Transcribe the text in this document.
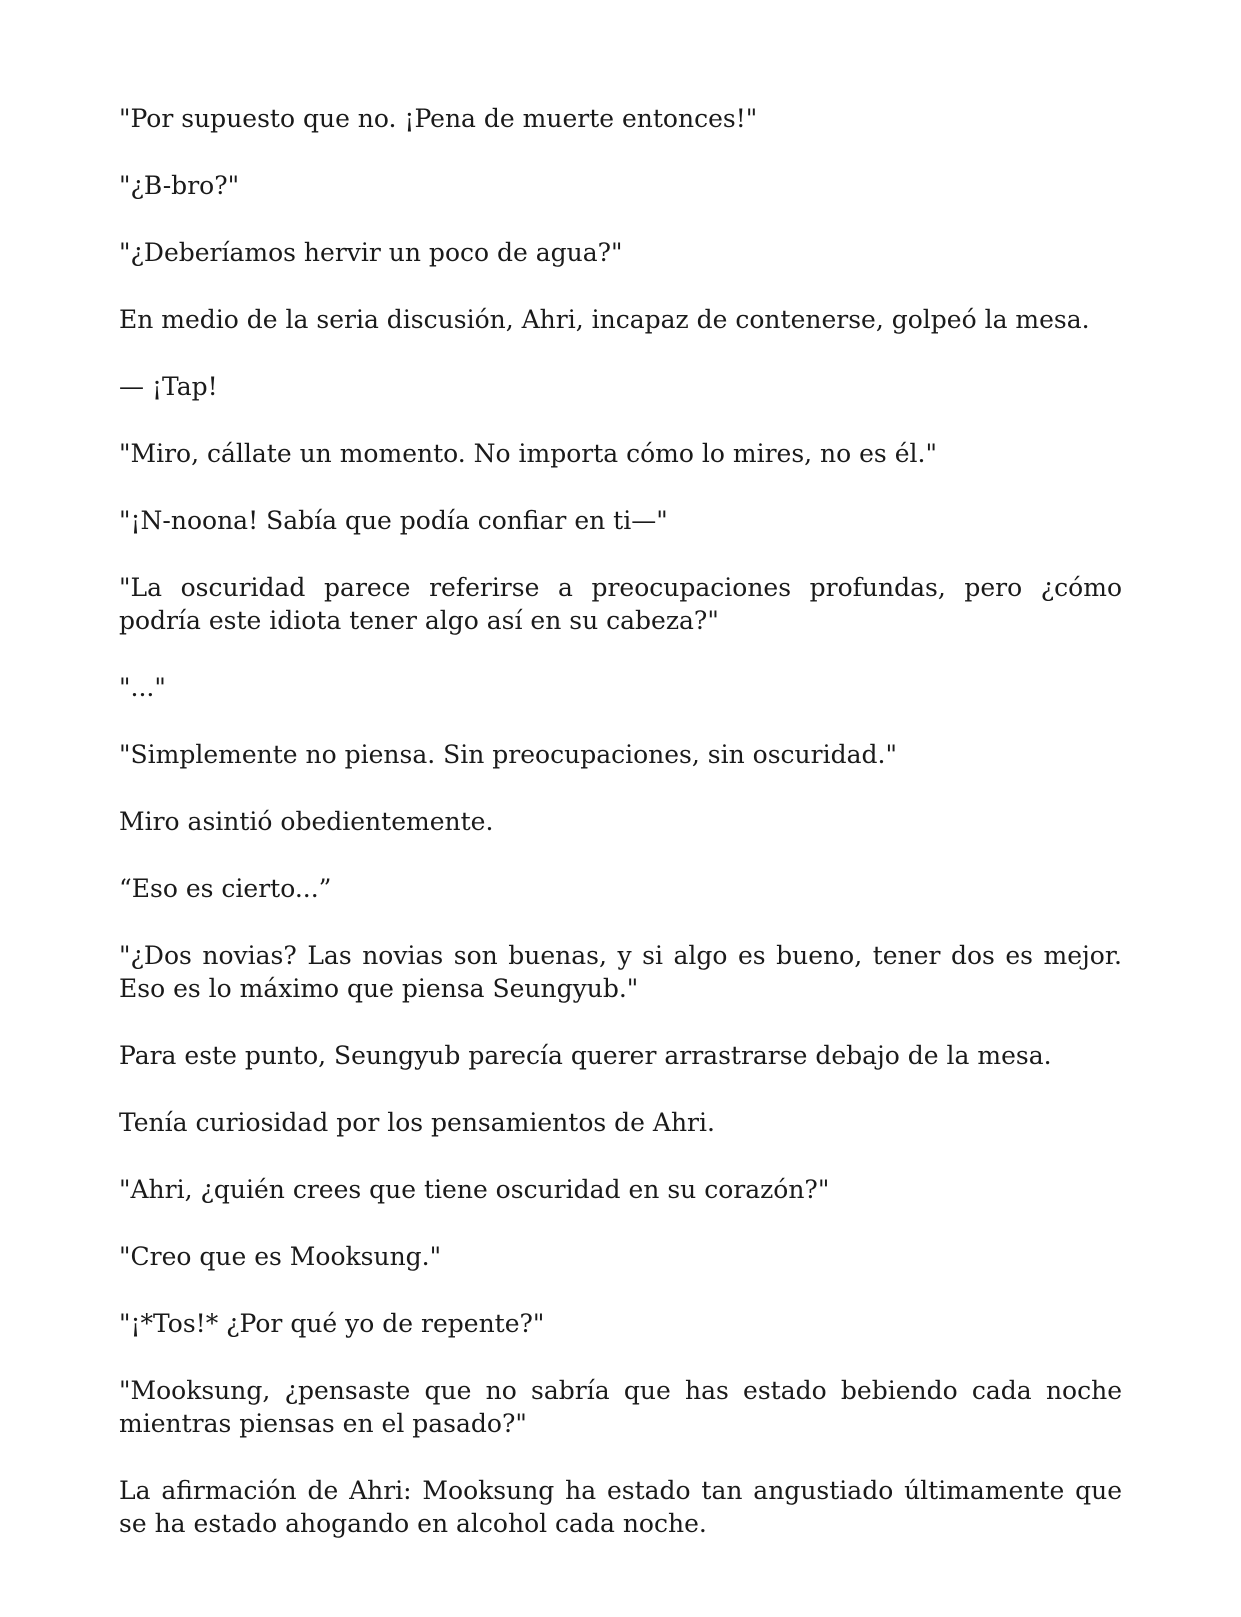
"Por supuesto que no. ¡Pena de muerte entonces!"

"¿B-bro?"

"¿Deberíamos hervir un poco de agua?"

En medio de la seria discusión, Ahri, incapaz de contenerse, golpeó la mesa.

— ¡Tap!

"Miro, cállate un momento. No importa cómo lo mires, no es él."

"¡N-noona! Sabía que podía confiar en ti—"

"La oscuridad parece referirse a preocupaciones profundas, pero ¿cómo podría este idiota tener algo así en su cabeza?"

"..."

"Simplemente no piensa. Sin preocupaciones, sin oscuridad."

Miro asintió obedientemente.

“Eso es cierto...”

"¿Dos novias? Las novias son buenas, y si algo es bueno, tener dos es mejor. Eso es lo máximo que piensa Seungyub."

Para este punto, Seungyub parecía querer arrastrarse debajo de la mesa.

Tenía curiosidad por los pensamientos de Ahri.

"Ahri, ¿quién crees que tiene oscuridad en su corazón?"

"Creo que es Mooksung."

"¡*Tos!* ¿Por qué yo de repente?"

"Mooksung, ¿pensaste que no sabría que has estado bebiendo cada noche mientras piensas en el pasado?"

La afirmación de Ahri: Mooksung ha estado tan angustiado últimamente que se ha estado ahogando en alcohol cada noche.
